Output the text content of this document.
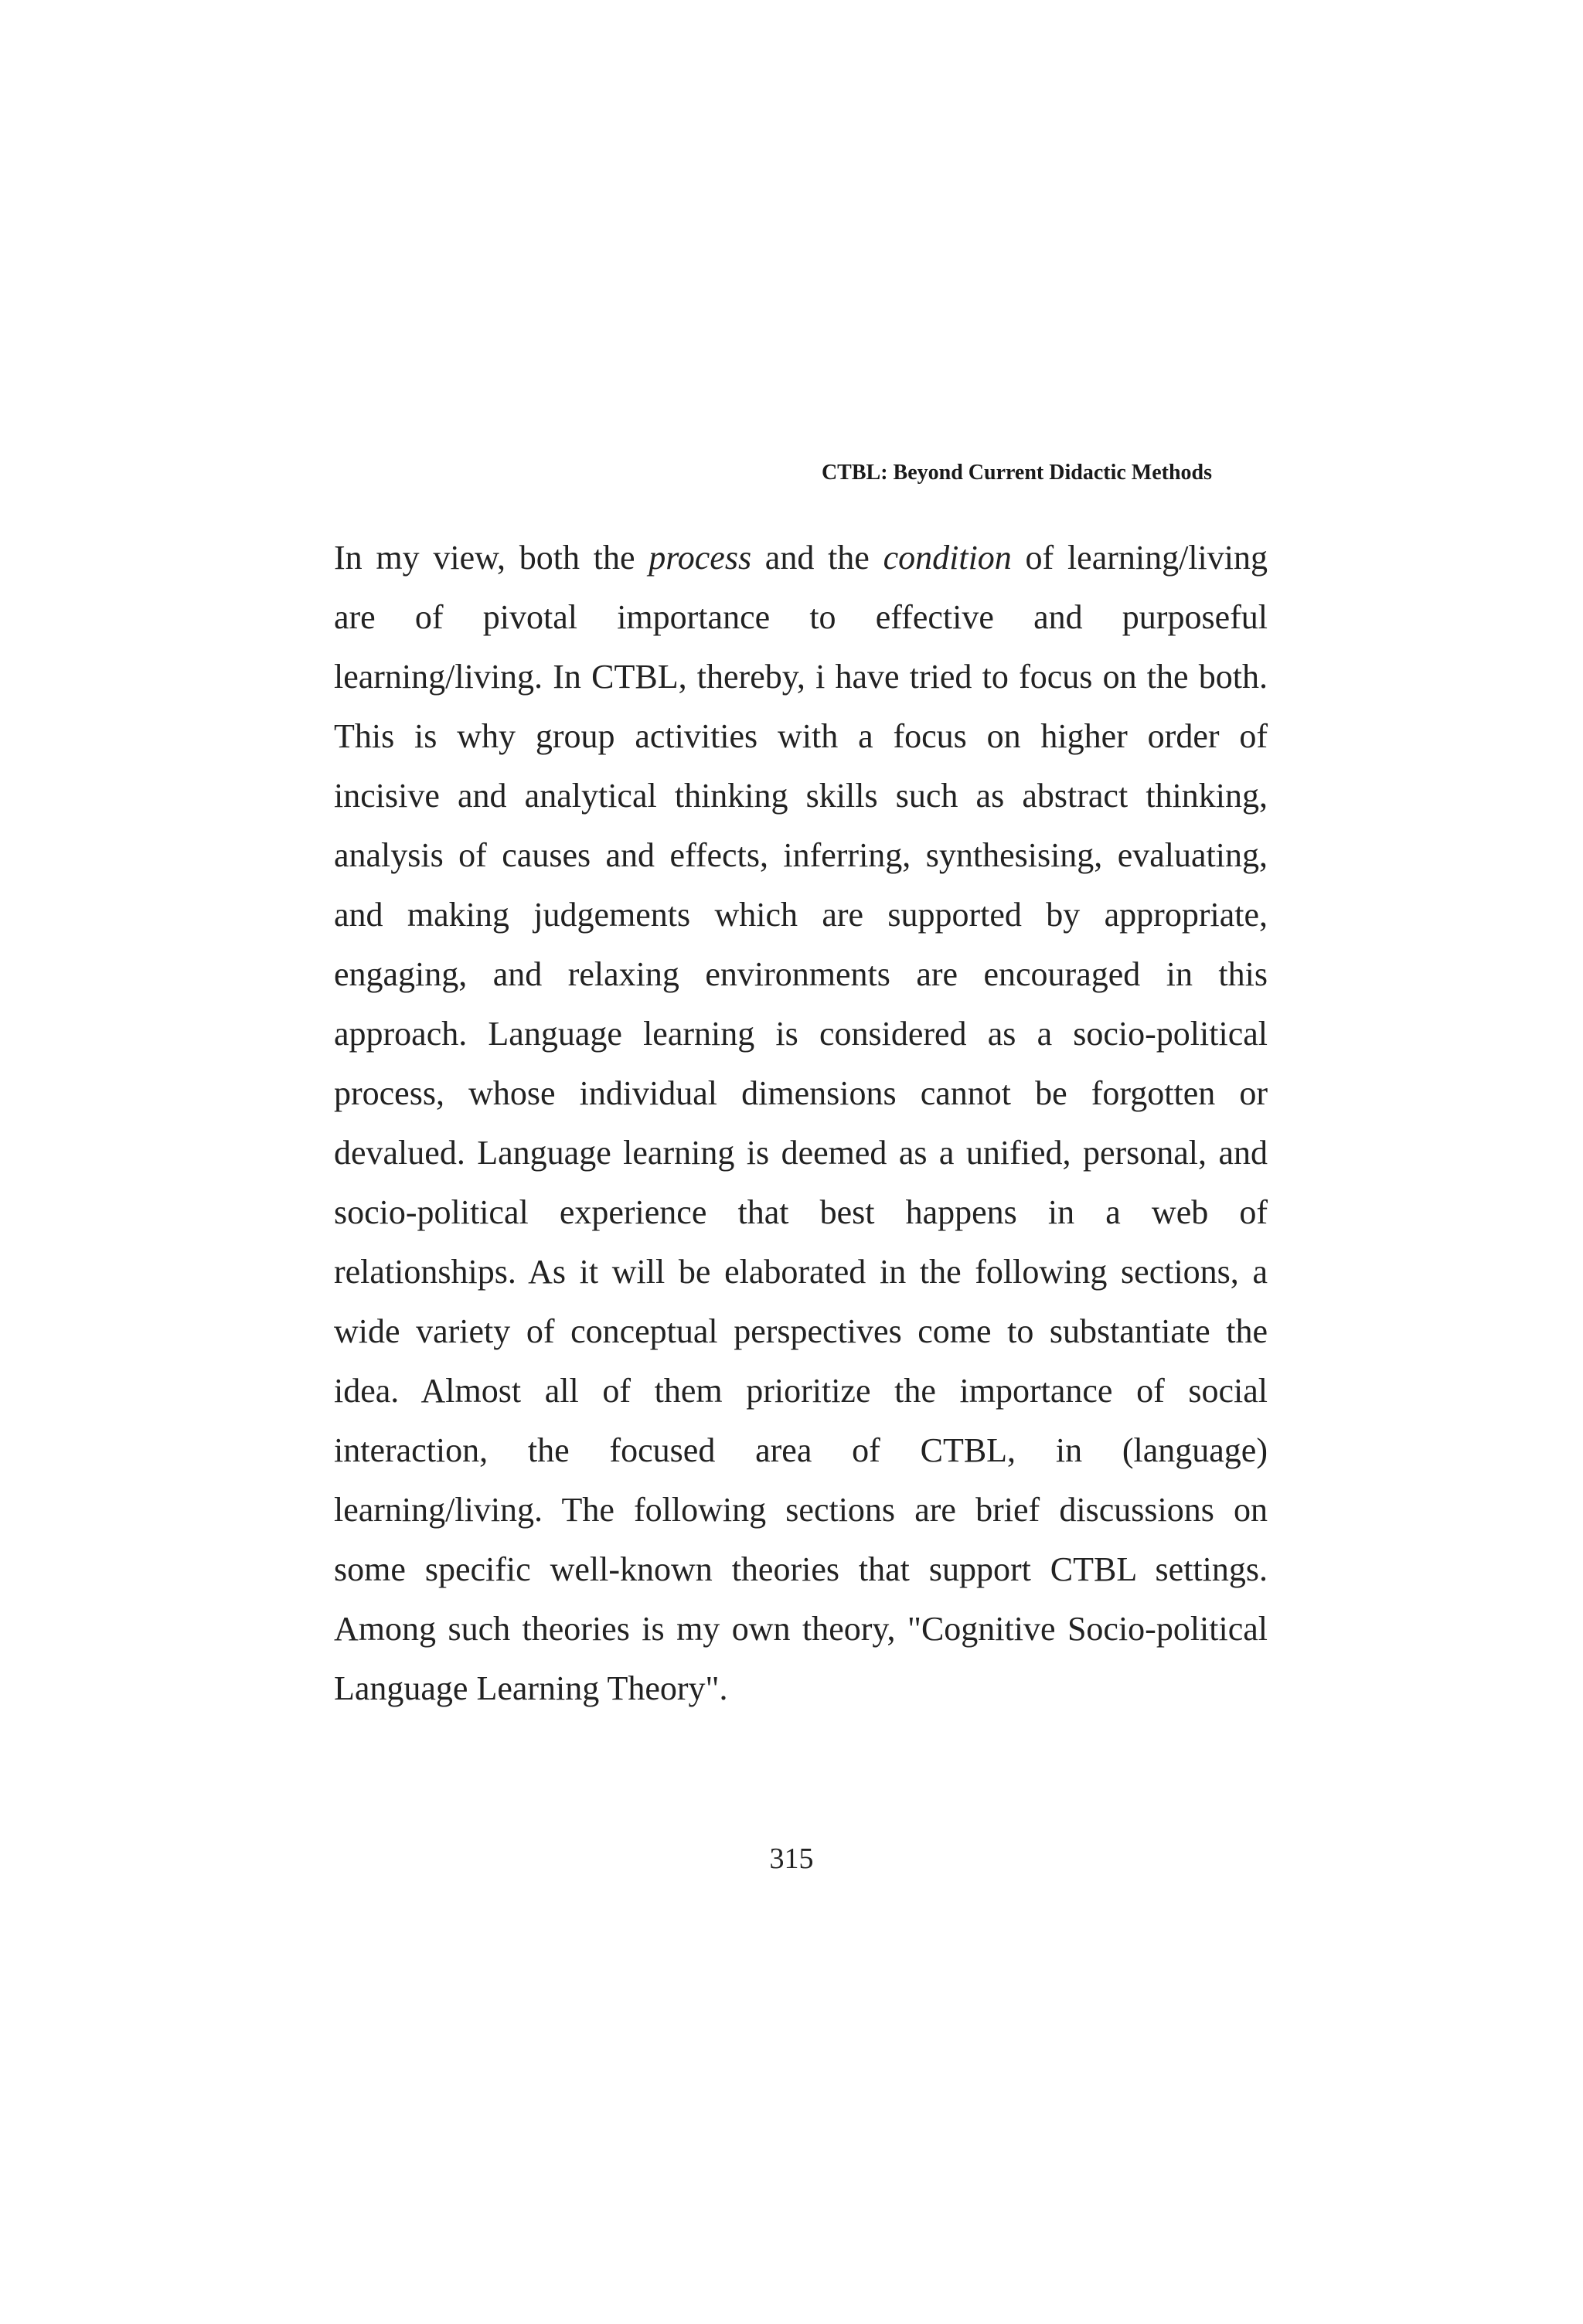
CTBL: Beyond Current Didactic Methods
In my view, both the process and the condition of learning/living
are of pivotal importance to effective and purposeful
learning/living. In CTBL, thereby, i have tried to focus on the both.
This is why group activities with a focus on higher order of
incisive and analytical thinking skills such as abstract thinking,
analysis of causes and effects, inferring, synthesising, evaluating,
and making judgements which are supported by appropriate,
engaging, and relaxing environments are encouraged in this
approach. Language learning is considered as a socio-political
process, whose individual dimensions cannot be forgotten or
devalued. Language learning is deemed as a unified, personal, and
socio-political experience that best happens in a web of
relationships. As it will be elaborated in the following sections, a
wide variety of conceptual perspectives come to substantiate the
idea. Almost all of them prioritize the importance of social
interaction, the focused area of CTBL, in (language)
learning/living. The following sections are brief discussions on
some specific well-known theories that support CTBL settings.
Among such theories is my own theory, "Cognitive Socio-political
Language Learning Theory".
315
